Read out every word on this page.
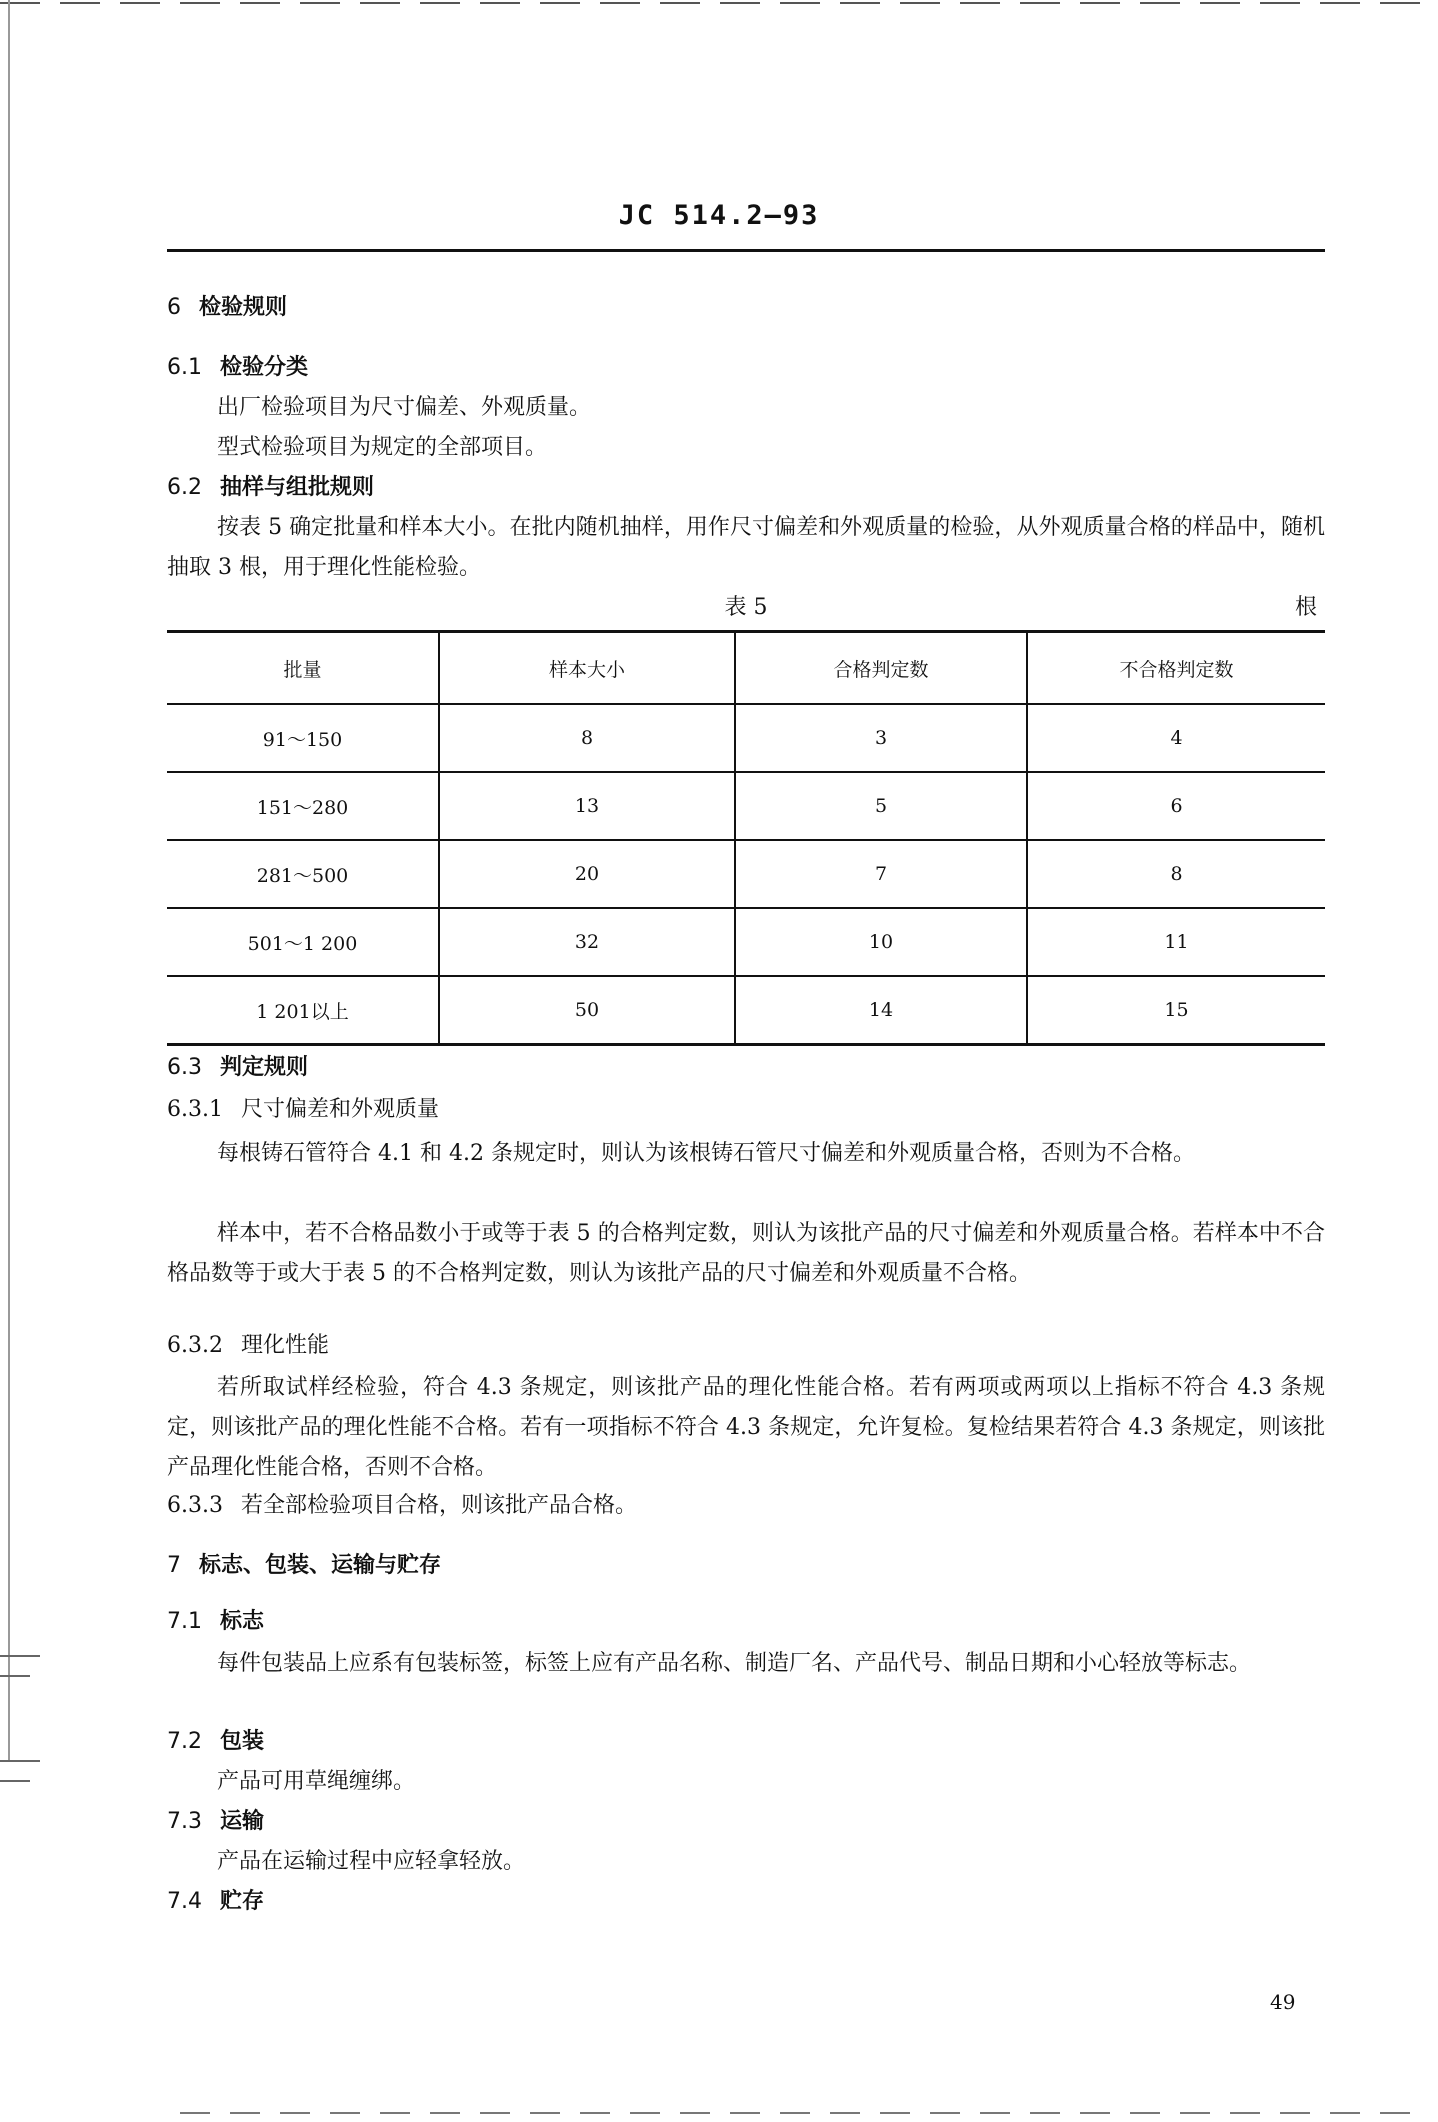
JC 514.2—93
6 检验规则
6.1 检验分类
出厂检验项目为尺寸偏差、外观质量。
型式检验项目为规定的全部项目。
6.2 抽样与组批规则
按表 5 确定批量和样本大小。在批内随机抽样，用作尺寸偏差和外观质量的检验，从外观质量合格的样品中，随机抽取 3 根，用于理化性能检验。
表 5	根
批量	样本大小	合格判定数	不合格判定数
91～150	8	3	4
151～280	13	5	6
281～500	20	7	8
501～1 200	32	10	11
1 201以上	50	14	15
6.3 判定规则
6.3.1 尺寸偏差和外观质量
每根铸石管符合 4.1 和 4.2 条规定时，则认为该根铸石管尺寸偏差和外观质量合格，否则为不合格。
样本中，若不合格品数小于或等于表 5 的合格判定数，则认为该批产品的尺寸偏差和外观质量合格。若样本中不合格品数等于或大于表 5 的不合格判定数，则认为该批产品的尺寸偏差和外观质量不合格。
6.3.2 理化性能
若所取试样经检验，符合 4.3 条规定，则该批产品的理化性能合格。若有两项或两项以上指标不符合 4.3 条规定，则该批产品的理化性能不合格。若有一项指标不符合 4.3 条规定，允许复检。复检结果若符合 4.3 条规定，则该批产品理化性能合格，否则不合格。
6.3.3 若全部检验项目合格，则该批产品合格。
7 标志、包装、运输与贮存
7.1 标志
每件包装品上应系有包装标签，标签上应有产品名称、制造厂名、产品代号、制品日期和小心轻放等标志。
7.2 包装
产品可用草绳缠绑。
7.3 运输
产品在运输过程中应轻拿轻放。
7.4 贮存
49
